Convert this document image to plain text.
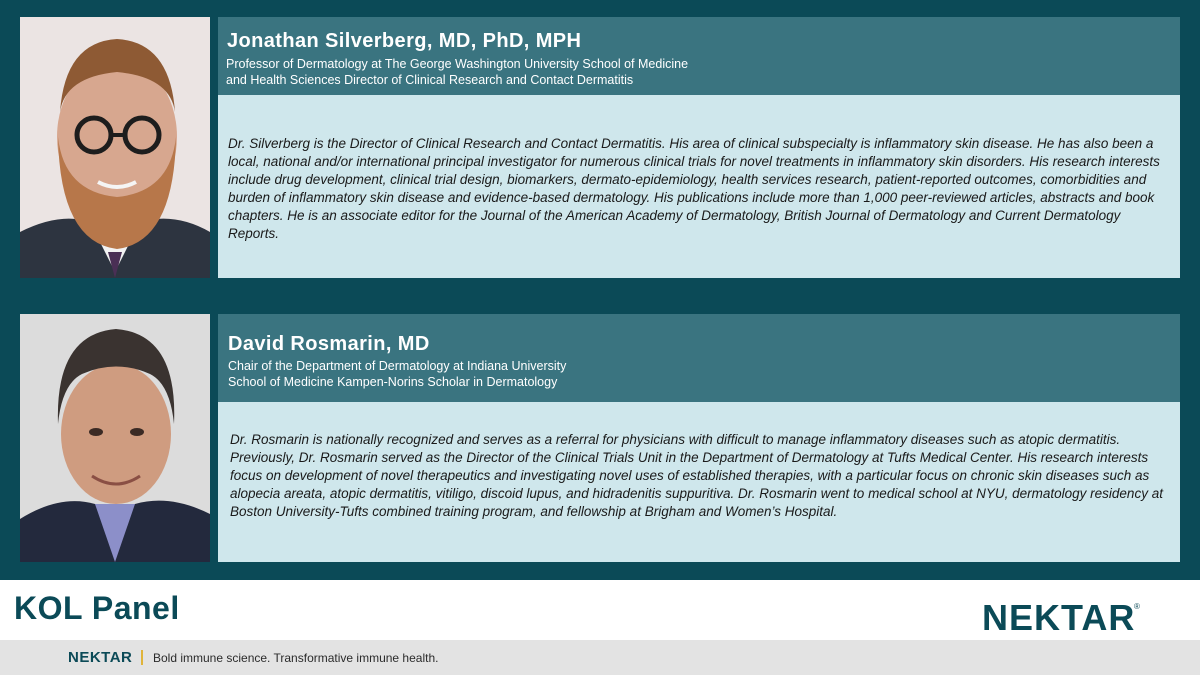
Jonathan Silverberg, MD, PhD, MPH
Professor of Dermatology at The George Washington University School of Medicine
and Health Sciences Director of Clinical Research and Contact Dermatitis

Dr. Silverberg is the Director of Clinical Research and Contact Dermatitis. His area of clinical subspecialty is inflammatory skin disease. He has also been a local, national and/or international principal investigator for numerous clinical trials for novel treatments in inflammatory skin disorders. His research interests include drug development, clinical trial design, biomarkers, dermato-epidemiology, health services research, patient-reported outcomes, comorbidities and burden of inflammatory skin disease and evidence-based dermatology. His publications include more than 1,000 peer-reviewed articles, abstracts and book chapters. He is an associate editor for the Journal of the American Academy of Dermatology, British Journal of Dermatology and Current Dermatology Reports.

David Rosmarin, MD
Chair of the Department of Dermatology at Indiana University
School of Medicine Kampen-Norins Scholar in Dermatology

Dr. Rosmarin is nationally recognized and serves as a referral for physicians with difficult to manage inflammatory diseases such as atopic dermatitis. Previously, Dr. Rosmarin served as the Director of the Clinical Trials Unit in the Department of Dermatology at Tufts Medical Center. His research interests focus on development of novel therapeutics and investigating novel uses of established therapies, with a particular focus on chronic skin diseases such as alopecia areata, atopic dermatitis, vitiligo, discoid lupus, and hidradenitis suppuritiva. Dr. Rosmarin went to medical school at NYU, dermatology residency at Boston University-Tufts combined training program, and fellowship at Brigham and Women’s Hospital.

KOL Panel	NEKTAR
®
NEKTAR Bold immune science. Transformative immune health.
